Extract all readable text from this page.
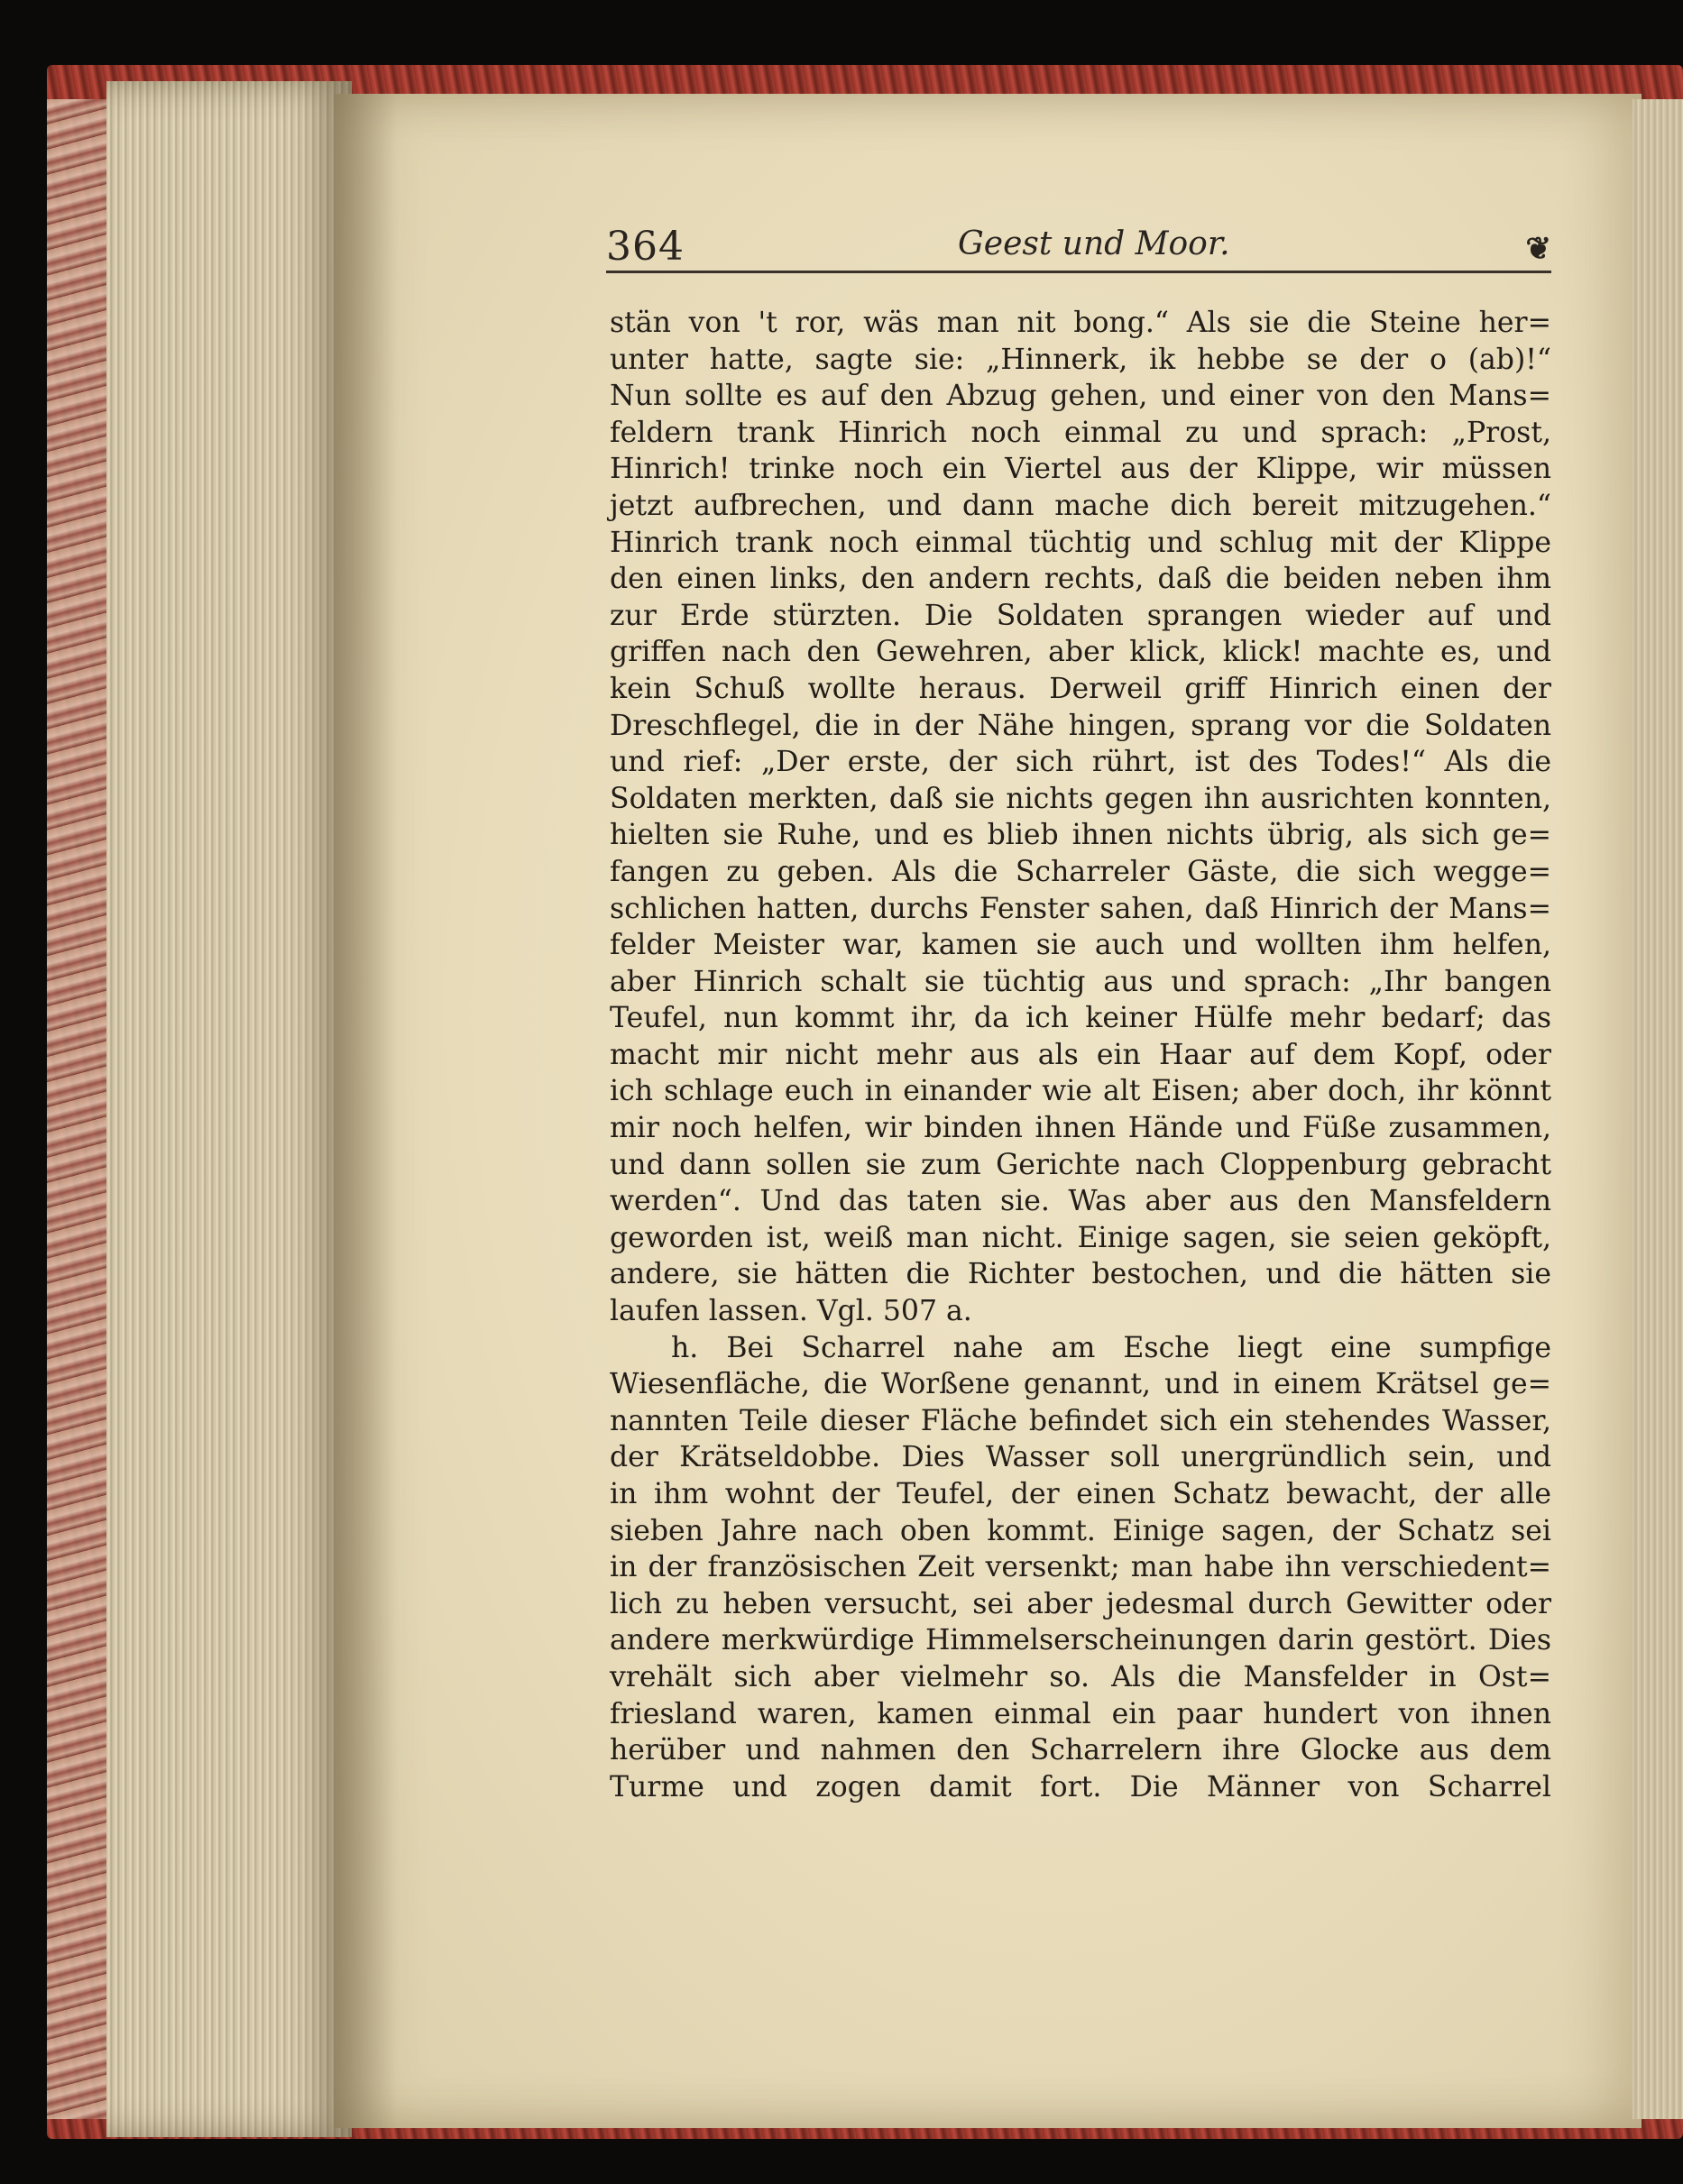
364	Geest und Moor.	❦
stän von 't ror, wäs man nit bong.“ Als sie die Steine her=
unter hatte, sagte sie: „Hinnerk, ik hebbe se der o (ab)!“
Nun sollte es auf den Abzug gehen, und einer von den Mans=
feldern trank Hinrich noch einmal zu und sprach: „Prost,
Hinrich! trinke noch ein Viertel aus der Klippe, wir müssen
jetzt aufbrechen, und dann mache dich bereit mitzugehen.“
Hinrich trank noch einmal tüchtig und schlug mit der Klippe
den einen links, den andern rechts, daß die beiden neben ihm
zur Erde stürzten. Die Soldaten sprangen wieder auf und
griffen nach den Gewehren, aber klick, klick! machte es, und
kein Schuß wollte heraus. Derweil griff Hinrich einen der
Dreschflegel, die in der Nähe hingen, sprang vor die Soldaten
und rief: „Der erste, der sich rührt, ist des Todes!“ Als die
Soldaten merkten, daß sie nichts gegen ihn ausrichten konnten,
hielten sie Ruhe, und es blieb ihnen nichts übrig, als sich ge=
fangen zu geben. Als die Scharreler Gäste, die sich wegge=
schlichen hatten, durchs Fenster sahen, daß Hinrich der Mans=
felder Meister war, kamen sie auch und wollten ihm helfen,
aber Hinrich schalt sie tüchtig aus und sprach: „Ihr bangen
Teufel, nun kommt ihr, da ich keiner Hülfe mehr bedarf; das
macht mir nicht mehr aus als ein Haar auf dem Kopf, oder
ich schlage euch in einander wie alt Eisen; aber doch, ihr könnt
mir noch helfen, wir binden ihnen Hände und Füße zusammen,
und dann sollen sie zum Gerichte nach Cloppenburg gebracht
werden“. Und das taten sie. Was aber aus den Mansfeldern
geworden ist, weiß man nicht. Einige sagen, sie seien geköpft,
andere, sie hätten die Richter bestochen, und die hätten sie
laufen lassen. Vgl. 507 a.
h. Bei Scharrel nahe am Esche liegt eine sumpfige
Wiesenfläche, die Worßene genannt, und in einem Krätsel ge=
nannten Teile dieser Fläche befindet sich ein stehendes Wasser,
der Krätseldobbe. Dies Wasser soll unergründlich sein, und
in ihm wohnt der Teufel, der einen Schatz bewacht, der alle
sieben Jahre nach oben kommt. Einige sagen, der Schatz sei
in der französischen Zeit versenkt; man habe ihn verschiedent=
lich zu heben versucht, sei aber jedesmal durch Gewitter oder
andere merkwürdige Himmelserscheinungen darin gestört. Dies
vrehält sich aber vielmehr so. Als die Mansfelder in Ost=
friesland waren, kamen einmal ein paar hundert von ihnen
herüber und nahmen den Scharrelern ihre Glocke aus dem
Turme und zogen damit fort. Die Männer von Scharrel
